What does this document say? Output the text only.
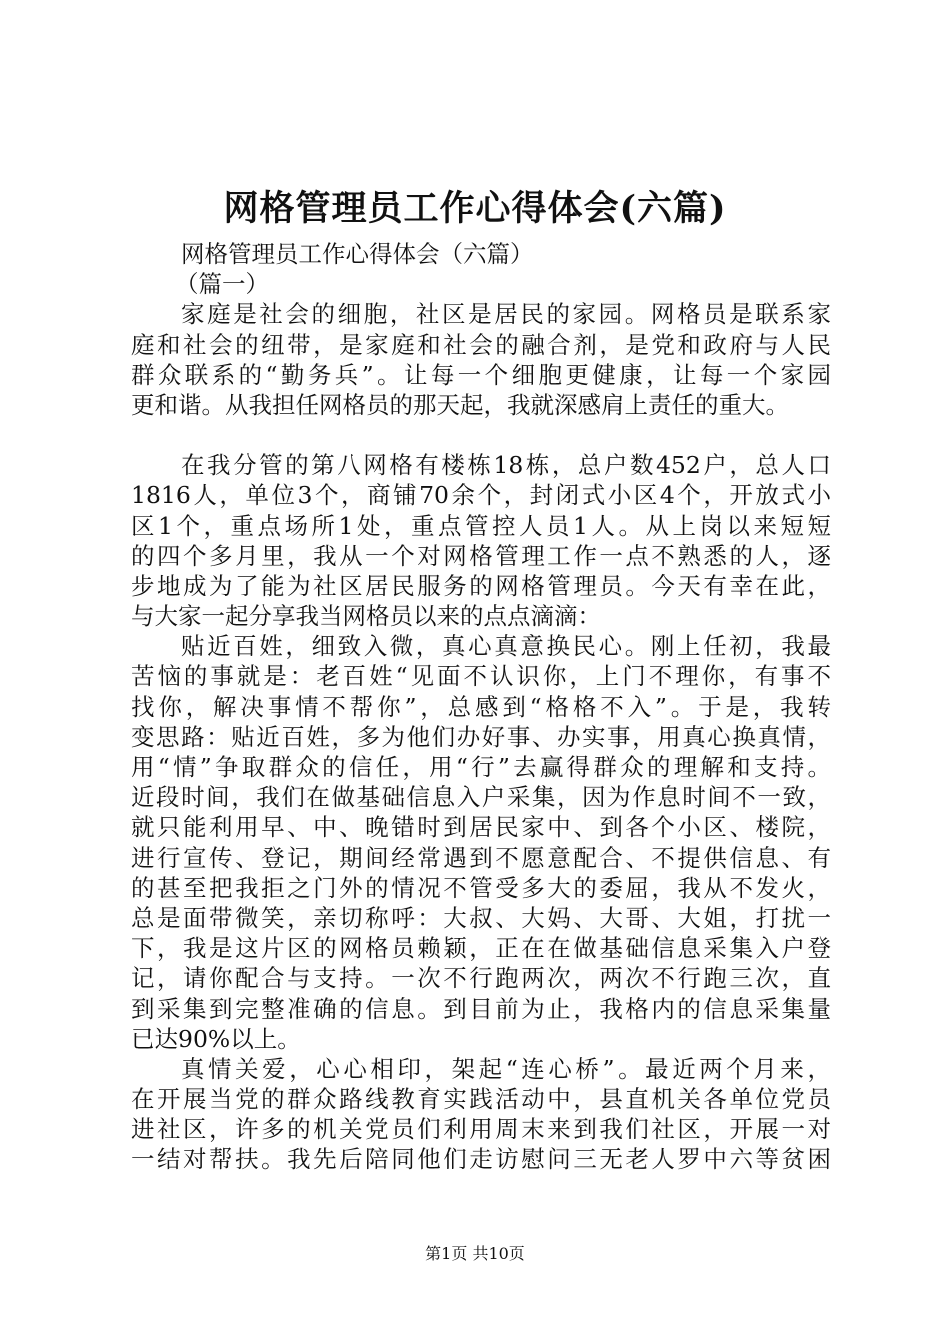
网格管理员工作心得体会(六篇)

网格管理员工作心得体会（六篇）

（篇一）

家庭是社会的细胞，社区是居民的家园。网格员是联系家

庭和社会的纽带，是家庭和社会的融合剂，是党和政府与人民

群众联系的“勤务兵”。让每一个细胞更健康，让每一个家园

更和谐。从我担任网格员的那天起，我就深感肩上责任的重大。

在我分管的第八网格有楼栋18栋，总户数452户，总人口

1816人，单位3个，商铺70余个，封闭式小区4个，开放式小

区1个，重点场所1处，重点管控人员1人。从上岗以来短短

的四个多月里，我从一个对网格管理工作一点不熟悉的人，逐

步地成为了能为社区居民服务的网格管理员。今天有幸在此，

与大家一起分享我当网格员以来的点点滴滴：

贴近百姓，细致入微，真心真意换民心。刚上任初，我最

苦恼的事就是：老百姓“见面不认识你，上门不理你，有事不

找你，解决事情不帮你”，总感到“格格不入”。于是，我转

变思路：贴近百姓，多为他们办好事、办实事，用真心换真情，

用“情”争取群众的信任，用“行”去赢得群众的理解和支持。

近段时间，我们在做基础信息入户采集，因为作息时间不一致，

就只能利用早、中、晚错时到居民家中、到各个小区、楼院，

进行宣传、登记，期间经常遇到不愿意配合、不提供信息、有

的甚至把我拒之门外的情况不管受多大的委屈，我从不发火，

总是面带微笑，亲切称呼：大叔、大妈、大哥、大姐，打扰一

下，我是这片区的网格员赖颖，正在在做基础信息采集入户登

记，请你配合与支持。一次不行跑两次，两次不行跑三次，直

到采集到完整准确的信息。到目前为止，我格内的信息采集量

已达90%以上。

真情关爱，心心相印，架起“连心桥”。最近两个月来，

在开展当党的群众路线教育实践活动中，县直机关各单位党员

进社区，许多的机关党员们利用周末来到我们社区，开展一对

一结对帮扶。我先后陪同他们走访慰问三无老人罗中六等贫困

第1页 共10页
